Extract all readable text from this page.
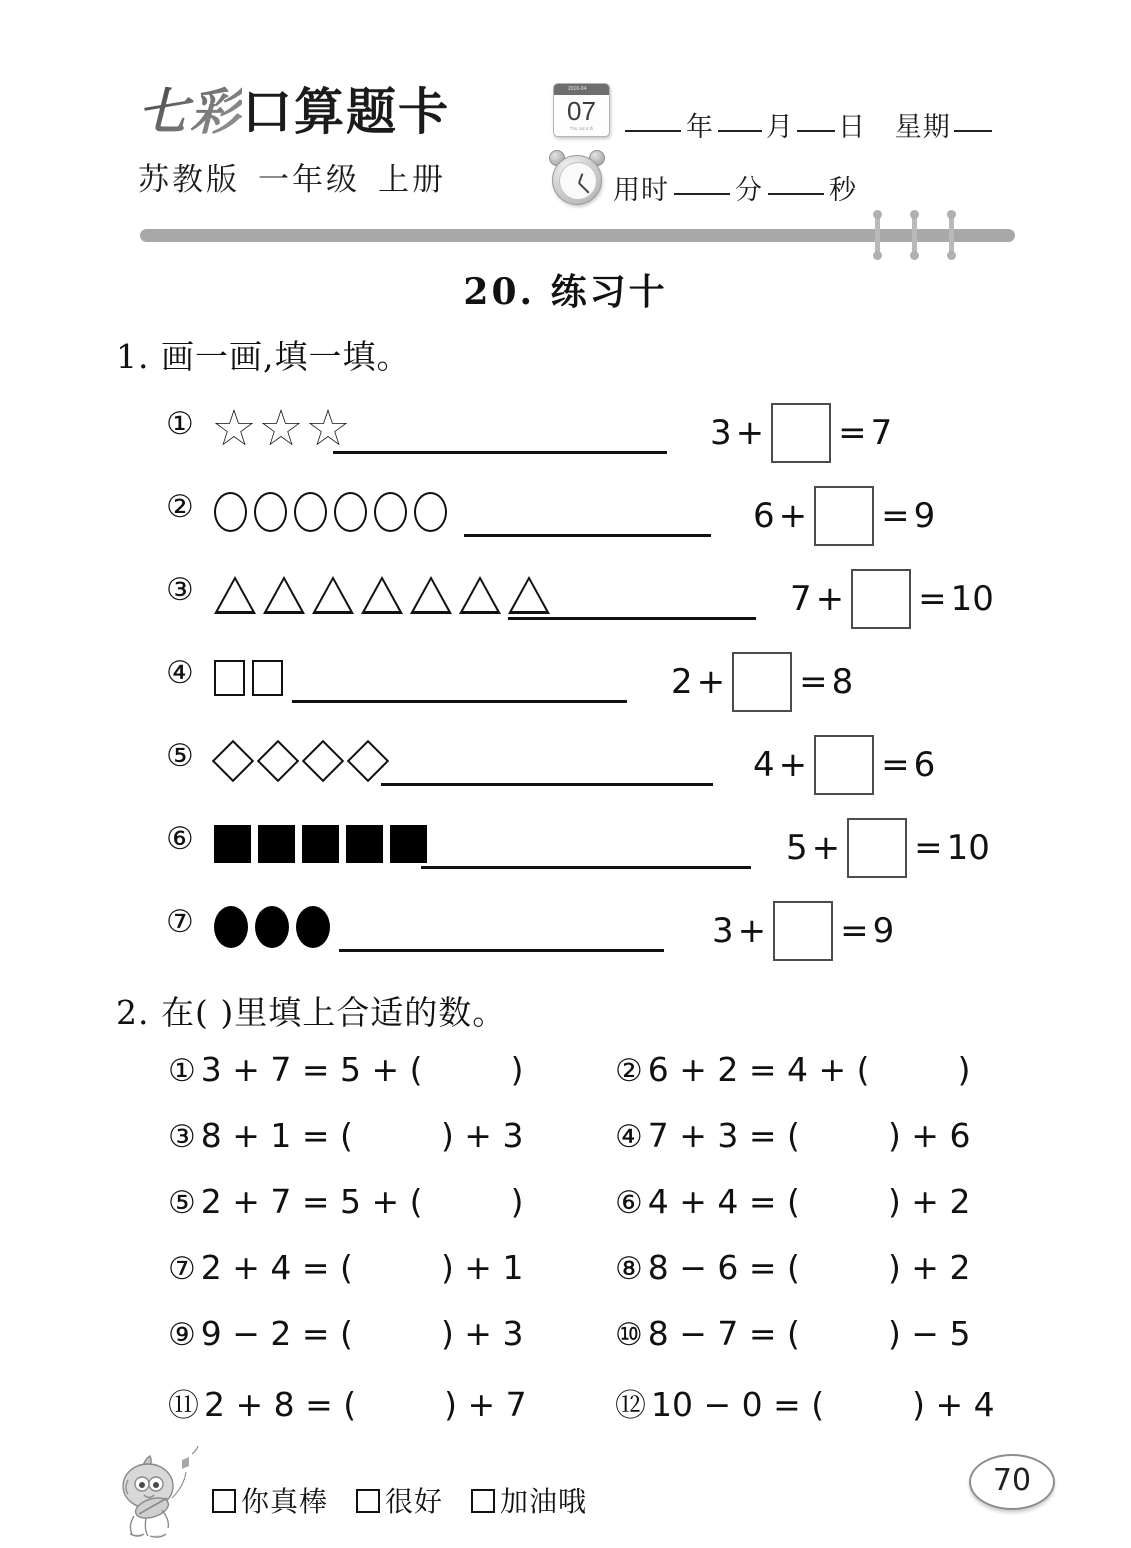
七彩口算题卡
苏教版 一年级 上册
2016-04
07
Thu Jul 4 th	年 月 日 星期
用时 分 秒
20. 练习十
1. 画一画,填一填。
①	3 + = 7
②	6 + = 9
③	7 + = 10
④	2 + = 8
⑤	4 + = 6
⑥	5 + = 10
⑦	3 + = 9
2. 在( )里填上合适的数。
① 3 + 7 = 5 + (	)	② 6 + 2 = 4 + (	)
③ 8 + 1 = (	) + 3	④ 7 + 3 = (	) + 6
⑤ 2 + 7 = 5 + (	)	⑥ 4 + 4 = (	) + 2
⑦ 2 + 4 = (	) + 1	⑧ 8 − 6 = (	) + 2
⑨ 9 − 2 = (	) + 3	⑩ 8 − 7 = (	) − 5
⑪ 2 + 8 = (	) + 7	⑫ 10 − 0 = (	) + 4
你真棒 很好 加油哦
70
